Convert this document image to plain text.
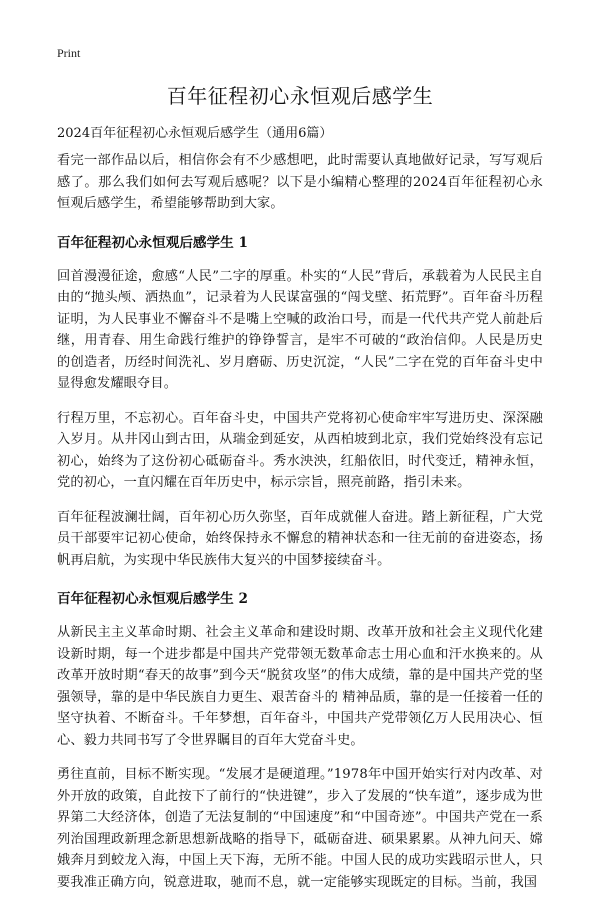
Print
百年征程初心永恒观后感学生
2024百年征程初心永恒观后感学生（通用6篇）

看完一部作品以后，相信你会有不少感想吧，此时需要认真地做好记录，写写观后感了。那么我们如何去写观后感呢？以下是小编精心整理的2024百年征程初心永恒观后感学生，希望能够帮助到大家。

百年征程初心永恒观后感学生 1

回首漫漫征途，愈感“人民”二字的厚重。朴实的“人民”背后，承载着为人民民主自由的“抛头颅、洒热血”，记录着为人民谋富强的“闯戈壁、拓荒野”。百年奋斗历程证明，为人民事业不懈奋斗不是嘴上空喊的政治口号，而是一代代共产党人前赴后继，用青春、用生命践行维护的铮铮誓言，是牢不可破的“政治信仰。人民是历史的创造者，历经时间洗礼、岁月磨砺、历史沉淀，“人民”二字在党的百年奋斗史中显得愈发耀眼夺目。

行程万里，不忘初心。百年奋斗史，中国共产党将初心使命牢牢写进历史、深深融入岁月。从井冈山到古田，从瑞金到延安，从西柏坡到北京，我们党始终没有忘记初心，始终为了这份初心砥砺奋斗。秀水泱泱，红船依旧，时代变迁，精神永恒，党的初心，一直闪耀在百年历史中，标示宗旨，照亮前路，指引未来。

百年征程波澜壮阔，百年初心历久弥坚，百年成就催人奋进。踏上新征程，广大党员干部要牢记初心使命，始终保持永不懈怠的精神状态和一往无前的奋进姿态，扬帆再启航，为实现中华民族伟大复兴的中国梦接续奋斗。

百年征程初心永恒观后感学生 2

从新民主主义革命时期、社会主义革命和建设时期、改革开放和社会主义现代化建设新时期，每一个进步都是中国共产党带领无数革命志士用心血和汗水换来的。从改革开放时期“春天的故事”到今天“脱贫攻坚”的伟大成绩，靠的是中国共产党的坚强领导，靠的是中华民族自力更生、艰苦奋斗的 精神品质，靠的是一任接着一任的坚守执着、不断奋斗。千年梦想，百年奋斗，中国共产党带领亿万人民用决心、恒心、毅力共同书写了令世界瞩目的百年大党奋斗史。

勇往直前，目标不断实现。“发展才是硬道理。”1978年中国开始实行对内改革、对外开放的政策，自此按下了前行的“快进键”，步入了发展的“快车道”，逐步成为世界第二大经济体，创造了无法复制的“中国速度”和“中国奇迹”。中国共产党在一系列治国理政新理念新思想新战略的指导下，砥砺奋进、硕果累累。从神九问天、嫦娥奔月到蛟龙入海，中国上天下海，无所不能。中国人民的成功实践昭示世人，只要我准正确方向，锐意进取，驰而不息，就一定能够实现既定的目标。当前，我国
